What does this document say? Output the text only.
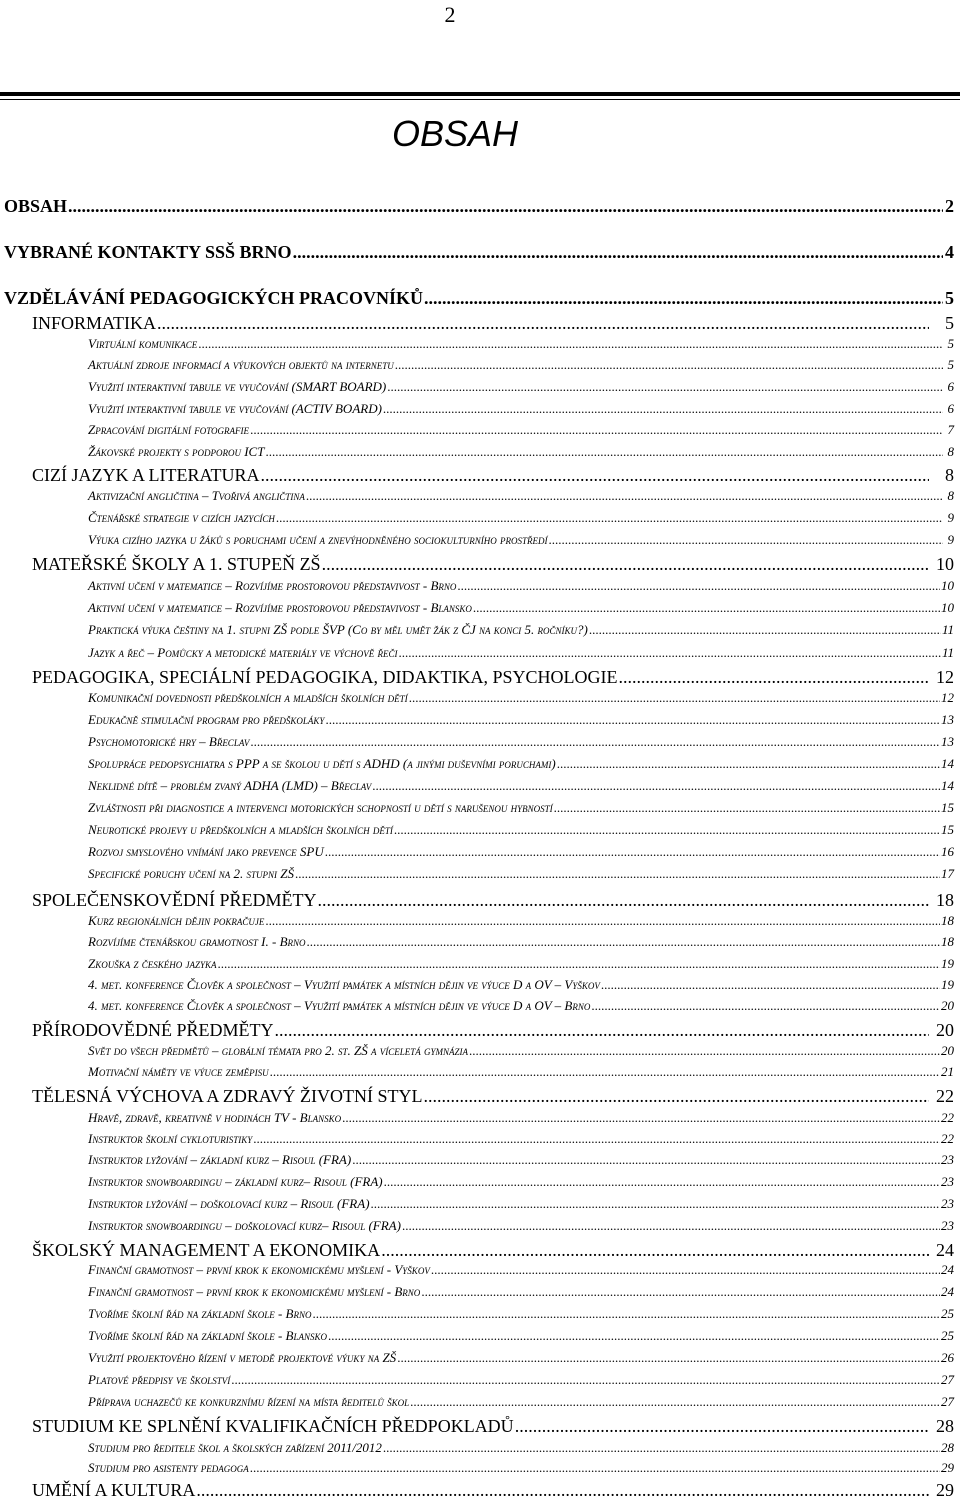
2
OBSAH
OBSAH .....	2
VYBRANÉ KONTAKTY SSŠ BRNO .....	4
VZDĚLÁVÁNÍ PEDAGOGICKÝCH PRACOVNÍKŮ .....	5
INFORMATIKA .....	5
Virtuální komunikace .....	5
Aktuální zdroje informací a výukových objektů na internetu .....	5
Využití interaktivní tabule ve vyučování (SMART BOARD) .....	6
Využití interaktivní tabule ve vyučování (ACTIV BOARD) .....	6
Zpracování digitální fotografie .....	7
Žákovské projekty s podporou ICT .....	8
CIZÍ JAZYK A LITERATURA .....	8
Aktivizační angličtina – Tvořivá angličtina .....	8
Čtenářské strategie v cizích jazycích .....	9
Výuka cizího jazyka u žáků s poruchami učení a znevýhodněného sociokulturního prostředí .....	9
MATEŘSKÉ ŠKOLY A 1. STUPEŇ ZŠ .....	10
Aktivní učení v matematice – Rozvíjíme prostorovou představivost - Brno .....	10
Aktivní učení v matematice – Rozvíjíme prostorovou představivost - Blansko .....	10
Praktická výuka češtiny na 1. stupni ZŠ podle ŠVP (Co by měl umět žák z ČJ na konci 5. ročníku?) .....	11
Jazyk a řeč – Pomůcky a metodické materiály ve výchově řeči .....	11
PEDAGOGIKA, SPECIÁLNÍ PEDAGOGIKA, DIDAKTIKA, PSYCHOLOGIE .....	12
Komunikační dovednosti předškolních a mladších školních dětí .....	12
Edukačně stimulační program pro předškoláky .....	13
Psychomotorické hry – Břeclav .....	13
Spolupráce pedopsychiatra s PPP a se školou u dětí s ADHD (a jinými duševními poruchami) .....	14
Neklidné dítě – problém zvaný ADHA (LMD) – Břeclav .....	14
Zvláštnosti při diagnostice a intervenci motorických schopností u dětí s narušenou hybností .....	15
Neurotické projevy u předškolních a mladších školních dětí .....	15
Rozvoj smyslového vnímání jako prevence SPU .....	16
Specifické poruchy učení na 2. stupni ZŠ .....	17
SPOLEČENSKOVĚDNÍ PŘEDMĚTY .....	18
Kurz regionálních dějin pokračuje .....	18
Rozvíjíme čtenářskou gramotnost I. - Brno .....	18
Zkouška z českého jazyka .....	19
4. met. konference Člověk a společnost – Využití památek a místních dějin ve výuce D a OV – Vyškov .....	19
4. met. konference Člověk a společnost – Využití památek a místních dějin ve výuce D a OV – Brno .....	20
PŘÍRODOVĚDNÉ PŘEDMĚTY .....	20
Svět do všech předmětů – globální témata pro 2. st. ZŠ a víceletá gymnázia .....	20
Motivační náměty ve výuce zeměpisu .....	21
TĚLESNÁ VÝCHOVA A ZDRAVÝ ŽIVOTNÍ STYL .....	22
Hravě, zdravě, kreativně v hodinách TV - Blansko .....	22
Instruktor školní cykloturistiky .....	22
Instruktor lyžování – základní kurz – Risoul (FRA) .....	23
Instruktor snowboardingu – základní kurz– Risoul (FRA) .....	23
Instruktor lyžování – doškolovací kurz – Risoul (FRA) .....	23
Instruktor snowboardingu – doškolovací kurz– Risoul (FRA) .....	23
ŠKOLSKÝ MANAGEMENT A EKONOMIKA .....	24
Finanční gramotnost – první krok k ekonomickému myšlení - Vyškov .....	24
Finanční gramotnost – první krok k ekonomickému myšlení - Brno .....	24
Tvoříme školní řád na základní škole - Brno .....	25
Tvoříme školní řád na základní škole - Blansko .....	25
Využití projektového řízení v metodě projektové výuky na ZŠ .....	26
Platové předpisy ve školství .....	27
Příprava uchazečů ke konkurznímu řízení na místa ředitelů škol .....	27
STUDIUM KE SPLNĚNÍ KVALIFIKAČNÍCH PŘEDPOKLADŮ .....	28
Studium pro ředitele škol a školských zařízení 2011/2012 .....	28
Studium pro asistenty pedagoga .....	29
UMĚNÍ A KULTURA .....	29
